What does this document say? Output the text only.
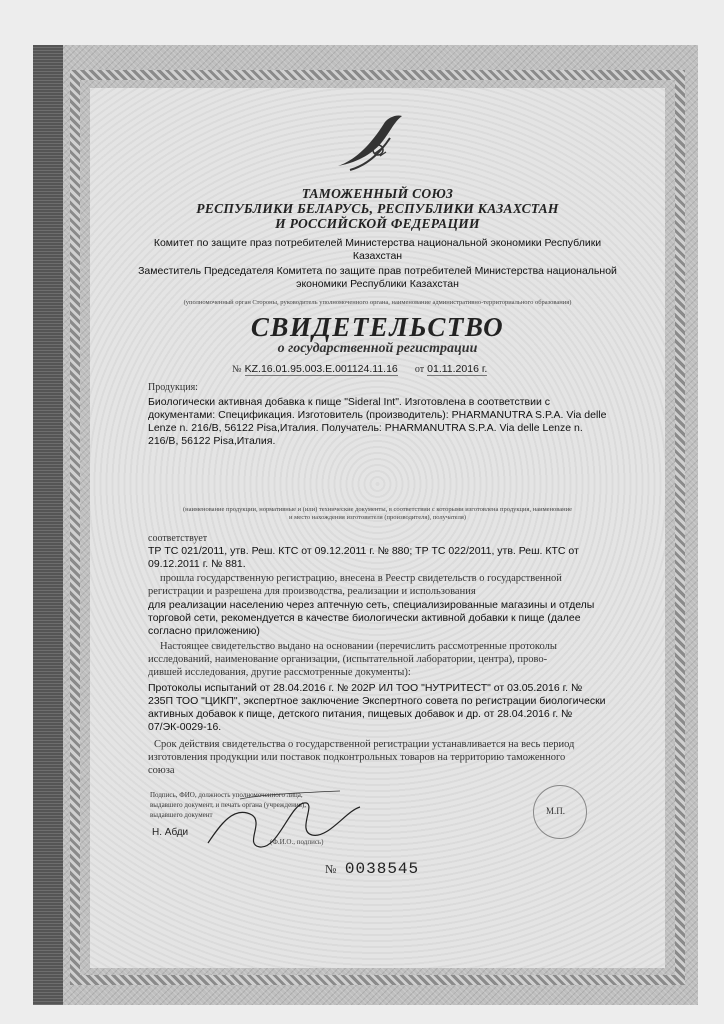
ТАМОЖЕННЫЙ СОЮЗ
РЕСПУБЛИКИ БЕЛАРУСЬ, РЕСПУБЛИКИ КАЗАХСТАН
И РОССИЙСКОЙ ФЕДЕРАЦИИ
Комитет по защите праз потребителей Министерства национальной экономики Республики
Казахстан
Заместитель Председателя Комитета по защите прав потребителей Министерства национальной
экономики Республики Казахстан
(уполномоченный орган Стороны, руководитель уполномоченного органа, наименование административно-территориального образования)
СВИДЕТЕЛЬСТВО
о государственной регистрации
№ KZ.16.01.95.003.E.001124.11.16 от 01.11.2016 г.
Продукция:
Биологически активная добавка к пище "Sideral Int". Изготовлена в соответствии с
документами: Спецификация. Изготовитель (производитель): PHARMANUTRA S.P.A. Via delle
Lenze n. 216/B, 56122 Pisa,Италия. Получатель: PHARMANUTRA S.P.A. Via delle Lenze n.
216/B, 56122 Pisa,Италия.
(наименование продукции, нормативные и (или) технические документы, в соответствии с которыми изготовлена продукция, наименование
и место нахождения изготовителя (производителя), получателя)
соответствует
ТР ТС 021/2011, утв. Реш. КТС от 09.12.2011 г. № 880; ТР ТС 022/2011, утв. Реш. КТС от
09.12.2011 г. № 881.
прошла государственную регистрацию, внесена в Реестр свидетельств о государственной
регистрации и разрешена для производства, реализации и использования
для реализации населению через аптечную сеть, специализированные магазины и отделы
торговой сети, рекомендуется в качестве биологически активной добавки к пище (далее
согласно приложению)
Настоящее свидетельство выдано на основании (перечислить рассмотренные протоколы
исследований, наименование организации, (испытательной лаборатории, центра), прово-
дившей исследования, другие рассмотренные документы):
Протоколы испытаний от 28.04.2016 г. № 202Р ИЛ ТОО "НУТРИТЕСТ" от 03.05.2016 г. №
235П ТОО "ЦИКП", экспертное заключение Экспертного совета по регистрации биологически
активных добавок к пище, детского питания, пищевых добавок и др. от 28.04.2016 г. №
07/ЭК-0029-16.
Срок действия свидетельства о государственной регистрации устанавливается на весь период
изготовления продукции или поставок подконтрольных товаров на территорию таможенного
союза
Подпись, ФИО, должность уполномоченного лица,
выдавшего документ, и печать органа (учреждения),
выдавшего документ
Н. Абди
(Ф.И.О., подпись)
М.П.
№ 0038545
